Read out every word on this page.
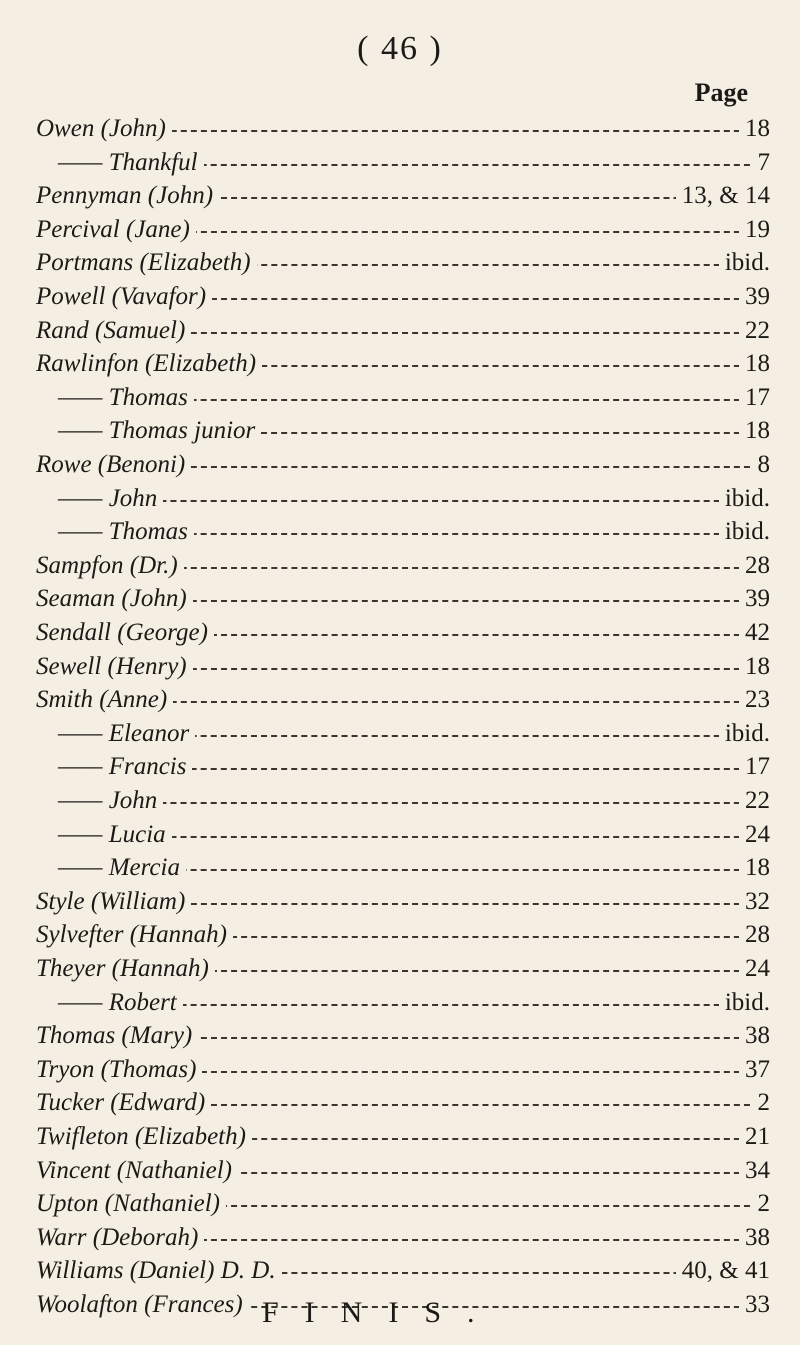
( 46 )
Page
Owen (John)	18
—— Thankful	7
Pennyman (John)	13, & 14
Percival (Jane)	19
Portmans (Elizabeth)	ibid.
Powell (Vavafor)	39
Rand (Samuel)	22
Rawlinfon (Elizabeth)	18
—— Thomas	17
—— Thomas junior	18
Rowe (Benoni)	8
—— John	ibid.
—— Thomas	ibid.
Sampfon (Dr.)	28
Seaman (John)	39
Sendall (George)	42
Sewell (Henry)	18
Smith (Anne)	23
—— Eleanor	ibid.
—— Francis	17
—— John	22
—— Lucia	24
—— Mercia	18
Style (William)	32
Sylvefter (Hannah)	28
Theyer (Hannah)	24
—— Robert	ibid.
Thomas (Mary)	38
Tryon (Thomas)	37
Tucker (Edward)	2
Twifleton (Elizabeth)	21
Vincent (Nathaniel)	34
Upton (Nathaniel)	2
Warr (Deborah)	38
Williams (Daniel) D. D.	40, & 41
Woolafton (Frances)	33
FINIS.
